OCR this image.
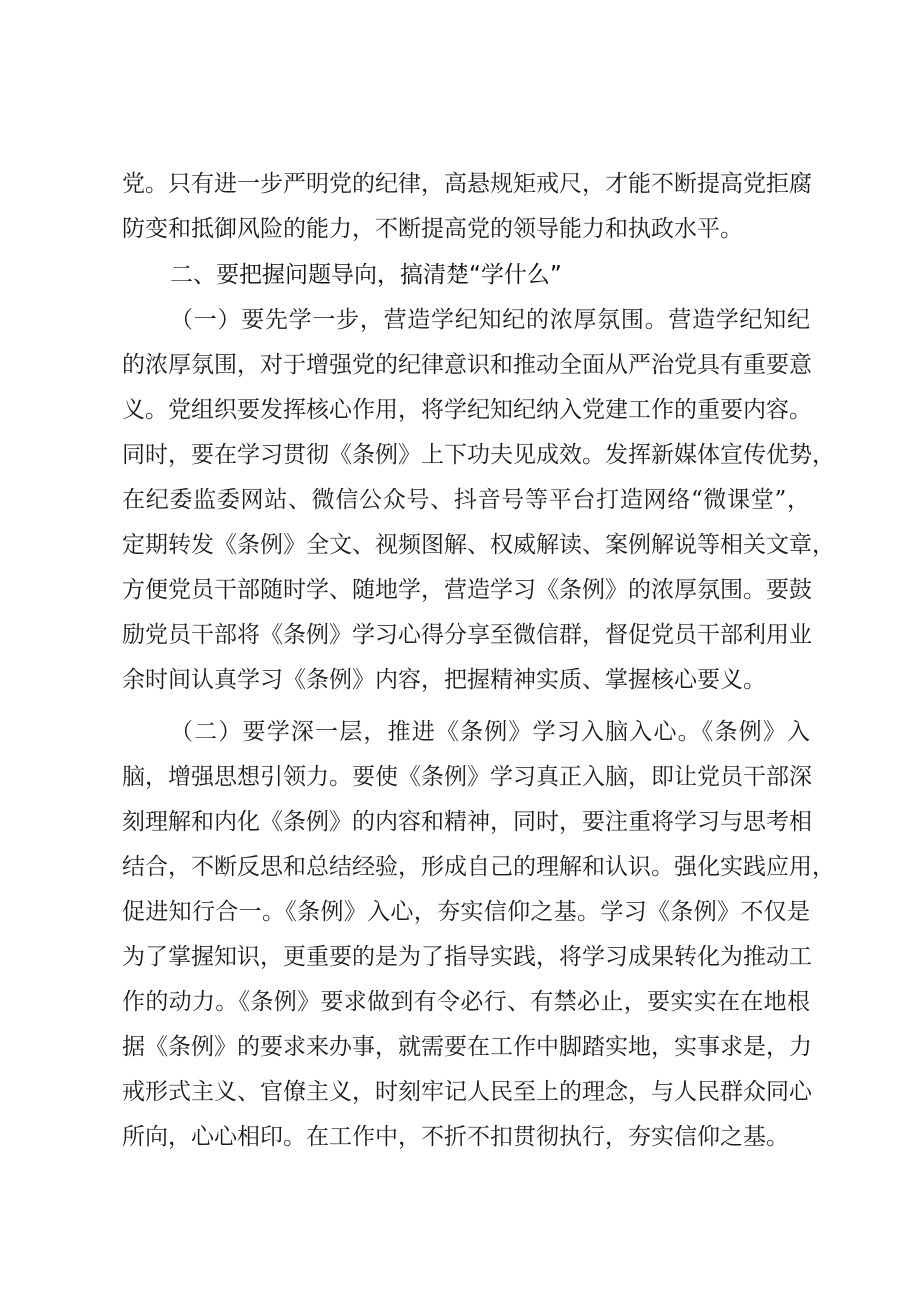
党。只有进一步严明党的纪律，高悬规矩戒尺，才能不断提高党拒腐
防变和抵御风险的能力，不断提高党的领导能力和执政水平。
二、要把握问题导向，搞清楚“学什么”
（一）要先学一步，营造学纪知纪的浓厚氛围。营造学纪知纪
的浓厚氛围，对于增强党的纪律意识和推动全面从严治党具有重要意
义。党组织要发挥核心作用，将学纪知纪纳入党建工作的重要内容。
同时，要在学习贯彻《条例》上下功夫见成效。发挥新媒体宣传优势，
在纪委监委网站、微信公众号、抖音号等平台打造网络“微课堂”，
定期转发《条例》全文、视频图解、权威解读、案例解说等相关文章，
方便党员干部随时学、随地学，营造学习《条例》的浓厚氛围。要鼓
励党员干部将《条例》学习心得分享至微信群，督促党员干部利用业
余时间认真学习《条例》内容，把握精神实质、掌握核心要义。
（二）要学深一层，推进《条例》学习入脑入心。《条例》入
脑，增强思想引领力。要使《条例》学习真正入脑，即让党员干部深
刻理解和内化《条例》的内容和精神，同时，要注重将学习与思考相
结合，不断反思和总结经验，形成自己的理解和认识。强化实践应用，
促进知行合一。《条例》入心，夯实信仰之基。学习《条例》不仅是
为了掌握知识，更重要的是为了指导实践，将学习成果转化为推动工
作的动力。《条例》要求做到有令必行、有禁必止，要实实在在地根
据《条例》的要求来办事，就需要在工作中脚踏实地，实事求是，力
戒形式主义、官僚主义，时刻牢记人民至上的理念，与人民群众同心
所向，心心相印。在工作中，不折不扣贯彻执行，夯实信仰之基。
